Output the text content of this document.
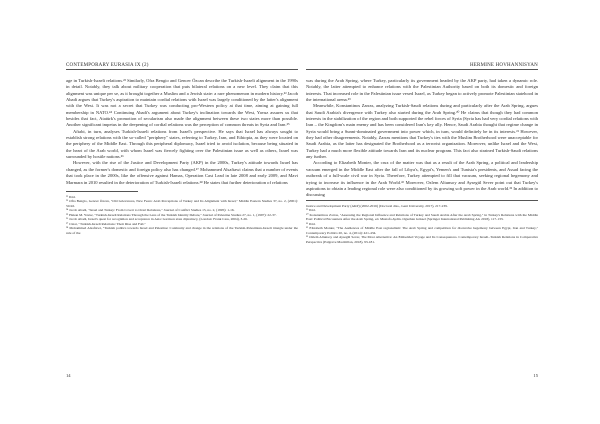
CONTEMPORARY EURASIA IX (2)

age in Turkish-Israeli relations.²² Similarly, Ofra Bengio and Gencer Özcan describe the Turkish-Israeli alignment in the 1990s in detail. Notably, they talk about military cooperation that puts bilateral relations on a new level. They claim that this alignment was unique per se, as it brought together a Muslim and a Jewish state: a rare phenomenon in modern history.²³ Jacob Abadi argues that Turkey's aspiration to maintain cordial relations with Israel was largely conditioned by the latter's alignment with the West. It was not a secret that Turkey was conducting pro-Western policy at that time, aiming at gaining full membership in NATO.²⁴ Continuing Abadi's argument about Turkey's inclination towards the West, Yavuz assures us that besides that fact, Atatürk's promotion of secularism also made the alignment between these two states more than possible. Another significant impetus in the deepening of cordial relations was the perception of common threats in Syria and Iran.²⁵

Aftabi, in turn, analyses Turkish-Israeli relations from Israel's perspective. He says that Israel has always sought to establish strong relations with the so-called "periphery" states, referring to Turkey, Iran, and Ethiopia, as they were located on the periphery of the Middle East. Through this peripheral diplomacy, Israel tried to avoid isolation, because being situated in the heart of the Arab world, with whom Israel was fiercely fighting over the Palestinian issue as well as others, Israel was surrounded by hostile nations.²⁶

However, with the rise of the Justice and Development Party (AKP) in the 2000s, Turkey's attitude towards Israel has changed, as the former's domestic and foreign policy also has changed.²⁷ Mohammed Alsaftawi claims that a number of events that took place in the 2000s, like the offensive against Hamas, Operation Cast Lead in late 2008 and early 2009, and Mavi Marmara in 2010 resulted in the deterioration of Turkish-Israeli relations.²⁸ He states that further deterioration of relations

²² Ibid.

²³ Ofra Bengio, Gencer Özcan, "Old Grievances, New Fears: Arab Perceptions of Turkey and Its Alignment with Israel," Middle Eastern Studies 37, no. 2, (2001): 50-92.

²⁴ Jacob Abadi, "Israel and Turkey: From Covert to Overt Relations," Journal of Conflict Studies 15, no. 2, (1995): 1-16.

²⁵ Hakan M. Yavuz, "Turkish-Israeli Relations Through the Lens of the Turkish Identity Debate," Journal of Palestine Studies 27, no. 1, (1997): 22-37.

²⁶ Jacob Abadi, Israel's quest for recognition and acceptance in Asia: Garrison state diplomacy, (London: Frank Cass, 2004), 3-26.

²⁷ Cinar, "Turkish-Israeli Relations: Their Rise and Fall."

²⁸ Mohammed Alsaftawi, "Turkish politics towards Israel and Palestine: Continuity and change in the relations of the Turkish-Palestinian-Israeli triangle under the rule of the

14
HERMINE HOVHANNISYAN

was during the Arab Spring, where Turkey, particularly its government headed by the AKP party, had taken a dynamic role. Notably, the latter attempted to enhance relations with the Palestinian Authority based on both its domestic and foreign interests. That increased role in the Palestinian issue vexed Israel, as Turkey began to actively promote Palestinian statehood in the international arena.²⁹

Meanwhile, Konstantinos Zarras, analyzing Turkish-Saudi relations during and particularly after the Arab Spring, argues that Saudi Arabia's divergence with Turkey also started during the Arab Spring.³⁰ He claims that though they had common interests in the stabilization of the region and both supported the rebel forces of Syria (Syria has had very cordial relations with Iran – the Kingdom's main enemy and has been considered Iran's key ally. Hence, Saudi Arabia thought that regime change in Syria would bring a Sunni-dominated government into power which, in turn, would definitely be in its interests.³¹ However, they had other disagreements. Notably, Zarras mentions that Turkey's ties with the Muslim Brotherhood were unacceptable for Saudi Arabia, as the latter has designated the Brotherhood as a terrorist organization. Moreover, unlike Israel and the West, Turkey had a much more flexible attitude towards Iran and its nuclear program. This fact also strained Turkish-Saudi relations any further.

According to Elizabeth Monier, the crux of the matter was that as a result of the Arab Spring, a political and leadership vacuum emerged in the Middle East after the fall of Libya's, Egypt's, Yemen's and Tunisia's presidents, and Assad facing the outbreak of a full-scale civil war in Syria. Therefore, Turkey attempted to fill that vacuum, seeking regional hegemony and trying to increase its influence in the Arab World.³² Moreover, Ozlem Altunsoy and Aysegül Sever point out that Turkey's aspirations to obtain a leading regional role were also conditioned by its growing soft power in the Arab world.³³ In addition to discussing

Justice and Development Party (AKP) (2002-2016) (Doctoral diss., Gent University, 2017), 217-239.

²⁹ Ibid.

³⁰ Konstantinos Zarras, "Assessing the Regional Influence and Relations of Turkey and Saudi Arabia After the Arab Spring," in Turkey's Relations with the Middle East: Political Encounters After the Arab Spring, ed. Mustafa Aydin. Oguzhan Göksel (Springer International Publishing AG 2018), 117-133.

³¹ Ibid.

³² Elizabeth Monier, "The Audiences of Middle East regionalism: The Arab Spring and competition for discursive hegemony between Egypt, Iran and Turkey," Contemporary Politics 20, no. 4, (2014): 421-434.

³³ Ozlem Altunsoy and Aysegül Sever, The Most Alternative: An Embedded Voyage and Its Consequences. Contemporary Israeli–Turkish Relations in Comparative Perspective (Palgrave Macmillan, 2018), 93-181.

15
